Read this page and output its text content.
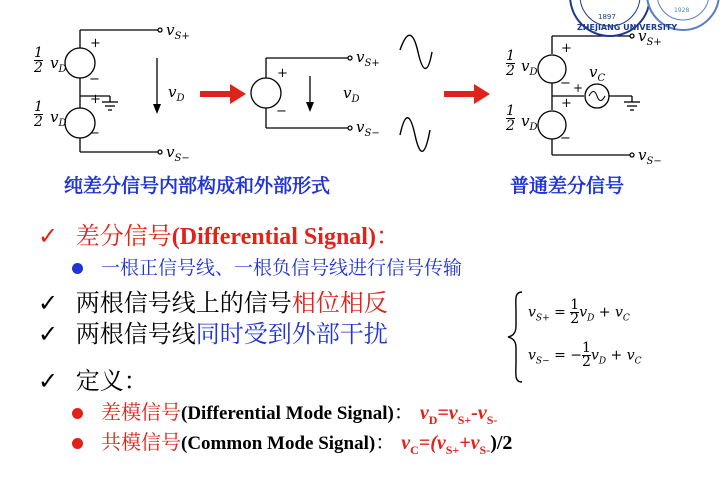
1897
ZHEJIANG UNIVERSITY
1928
1
2 $v_D$
1
2 $v_D$
+
−
+
−
$v_{S+}$
$v_{S-}$
$v_D$
+
−
$v_{S+}$
$v_{S-}$
$v_D$
1
2 $v_D$
1
2 $v_D$
+
−
+
−
+
$v_C$
$v_{S+}$
$v_{S-}$
纯差分信号内部构成和外部形式	普通差分信号
✓ 差分信号(Differential Signal)：
一根正信号线、一根负信号线进行信号传输
✓ 两根信号线上的信号相位相反
✓ 两根信号线同时受到外部干扰
✓ 定义：
差模信号(Differential Mode Signal)： $v_D=v_{S+}-v_{S-}$
共模信号(Common Mode Signal)： $v_C=(v_{S+}+v_{S-})/2$
$v_{S+} = \frac{1}{2} v_D + v_C$
$v_{S-}$ = − $\frac{1}{2} v_D + v_C$
